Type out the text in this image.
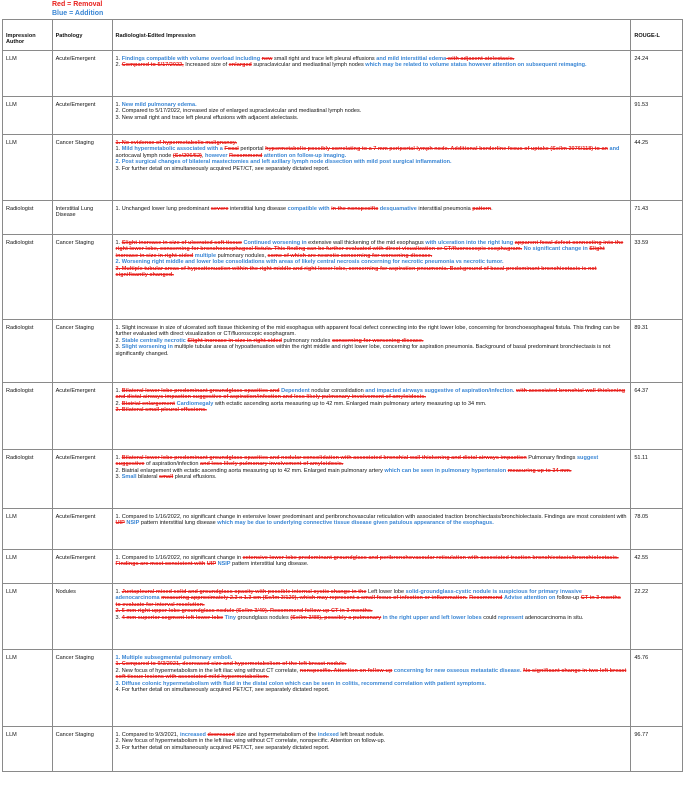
Red = Removal
Blue = Addition
Impression Author	Pathology	Radiologist-Edited Impression	ROUGE-L
LLM	Acute/Emergent	1. Findings compatible with volume overload including new small right and trace left pleural effusions and mild interstitial edema with adjacent atelectasis.

2. Compared to 5/17/2022, Increased size of enlarged supraclavicular and mediastinal lymph nodes which may be related to volume status however attention on subsequent reimaging.	24.24
LLM	Acute/Emergent	1. New mild pulmonary edema.

2. Compared to 5/17/2022, increased size of enlarged supraclavicular and mediastinal lymph nodes.

3. New small right and trace left pleural effusions with adjacent atelectasis.	91.53
LLM	Cancer Staging	1. No evidence of hypermetabolic malignancy.

1. Mild hypermetabolic associated with a Focal periportal hypermetabolic possibly correlating to a 7 mm periportal lymph node. Additional borderline focus of uptake (Se/Im 3076/118) to an and aortocaval lymph node (Se/206/52), however Recommend attention on follow-up imaging.

2. Post surgical changes of bilateral mastectomies and left axillary lymph node dissection with mild post surgical inflammation.

3. For further detail on simultaneously acquired PET/CT, see separately dictated report.	44.25
Radiologist	Interstitial Lung Disease	1. Unchanged lower lung predominant severe interstitial lung disease compatible with in the nonspecific desquamative interstitial pneumonia pattern.	71.43
Radiologist	Cancer Staging	1. Slight increase in size of ulcerated soft tissue Continued worsening in extensive wall thickening of the mid esophagus with ulceration into the right lung apparent focal defect connecting into the right lower lobe, concerning for bronchoesophageal fistula. This finding can be further evaluated with direct visualization or CT/fluoroscopic esophagram. No significant change in Slight increase in size in right-sided multiple pulmonary nodules, some of which are necrotic concerning for worsening disease.

2. Worsening right middle and lower lobe consolidations with areas of likely central necrosis concerning for necrotic pneumonia vs necrotic tumor.

3. Multiple tubular areas of hypoattenuation within the right middle and right lower lobe, concerning for aspiration pneumonia. Background of basal predominant bronchiectasis is not significantly changed.	33.59
Radiologist	Cancer Staging	1. Slight increase in size of ulcerated soft tissue thickening of the mid esophagus with apparent focal defect connecting into the right lower lobe, concerning for bronchoesophageal fistula. This finding can be further evaluated with direct visualization or CT/fluoroscopic esophagram.

2. Stable centrally necrotic Slight increase in size in right-sided pulmonary nodules concerning for worsening disease.

3. Slight worsening in multiple tubular areas of hypoattenuation within the right middle and right lower lobe, concerning for aspiration pneumonia. Background of basal predominant bronchiectasis is not significantly changed.	89.31
Radiologist	Acute/Emergent	1. Bilateral lower lobe predominant groundglass opacities and Dependent nodular consolidation and impacted airways suggestive of aspiration/infection. with associated bronchial wall thickening and distal airways impaction suggestive of aspiration/infection and less likely pulmonary involvement of amyloidosis.

2. Biatrial enlargement Cardiomegaly with ectatic ascending aorta measuring up to 42 mm. Enlarged main pulmonary artery measuring up to 34 mm.

3. Bilateral small pleural effusions.	64.37
Radiologist	Acute/Emergent	1. Bilateral lower lobe predominant groundglass opacities and nodular consolidation with associated bronchial wall thickening and distal airways impaction Pulmonary findings suggest suggestive of aspiration/infection and less likely pulmonary involvement of amyloidosis.

2. Biatrial enlargement with ectatic ascending aorta measuring up to 42 mm. Enlarged main pulmonary artery which can be seen in pulmonary hypertension measuring up to 34 mm.

3. Small bilateral small pleural effusions.	51.11
LLM	Acute/Emergent	1. Compared to 1/16/2022, no significant change in extensive lower predominant and peribronchovascular reticulation with associated traction bronchiectasis/bronchiolectasis. Findings are most consistent with UIP NSIP pattern interstitial lung disease which may be due to underlying connective tissue disease given patulous appearance of the esophagus.	78.05
LLM	Acute/Emergent	1. Compared to 1/16/2022, no significant change in extensive lower lobe predominant groundglass and peribronchovascular reticulation with associated traction bronchiectasis/bronchiolectasis. Findings are most consistent with UIP NSIP pattern interstitial lung disease.	42.55
LLM	Nodules	1. Juxtapleural mixed solid and groundglass opacity with possible internal cystic change in the Left lower lobe solid-groundglass-cystic nodule is suspicious for primary invasive adenocarcinoma measuring approximately 2.3 x 1.3 cm (Se/Im 3/120), which may represent a small focus of infection or inflammation. Recommend Advise attention on follow-up CT in 3 months to evaluate for interval resolution.

2. 5 mm right upper lobe groundglass nodule (Se/Im 3/40). Recommend follow-up CT in 3 months.

3. 4 mm superior segment left lower lobe Tiny groundglass nodules (Se/Im 3/88), possibly a pulmonary in the right upper and left lower lobes could represent adenocarcinoma in situ.	22.22
LLM	Cancer Staging	1. Multiple subsegmental pulmonary emboli.

1. Compared to 9/3/2021, decreased size and hypermetabolism of the left breast nodule.

2. New focus of hypermetabolism in the left iliac wing without CT correlate, nonspecific. Attention on follow-up concerning for new osseous metastatic disease. No significant change in two left breast soft tissue lesions with associated mild hypermetabolism.

3. Diffuse colonic hypermetabolism with fluid in the distal colon which can be seen in colitis, recommend correlation with patient symptoms.

4. For further detail on simultaneously acquired PET/CT, see separately dictated report.	45.76
LLM	Cancer Staging	1. Compared to 9/3/2021, increased decreased size and hypermetabolism of the indexed left breast nodule.

2. New focus of hypermetabolism in the left iliac wing without CT correlate, nonspecific. Attention on follow-up.

3. For further detail on simultaneously acquired PET/CT, see separately dictated report.	96.77
